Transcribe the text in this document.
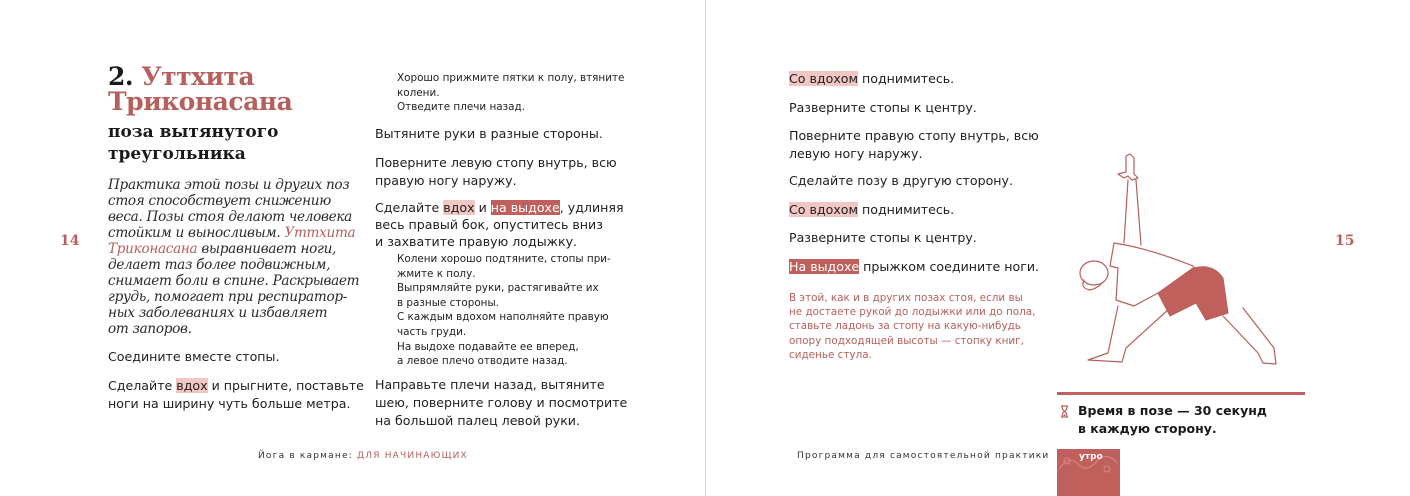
14
2. Уттхита
Триконасана
поза вытянутого
треугольника
Практика этой позы и других поз
стоя способствует снижению
веса. Позы стоя делают человека
стойким и выносливым. Уттхита
Триконасана выравнивает ноги,
делает таз более подвижным,
снимает боли в спине. Раскрывает
грудь, помогает при респиратор-
ных заболеваниях и избавляет
от запоров.
Соедините вместе стопы.
Сделайте вдох и прыгните, поставьте
ноги на ширину чуть больше метра.
Хорошо прижмите пятки к полу, втяните
колени.
Отведите плечи назад.
Вытяните руки в разные стороны.
Поверните левую стопу внутрь, всю
правую ногу наружу.
Сделайте вдох и на выдохе, удлиняя
весь правый бок, опуститесь вниз
и захватите правую лодыжку.
Колени хорошо подтяните, стопы при-
жмите к полу.
Выпрямляйте руки, растягивайте их
в разные стороны.
С каждым вдохом наполняйте правую
часть груди.
На выдохе подавайте ее вперед,
а левое плечо отводите назад.
Направьте плечи назад, вытяните
шею, поверните голову и посмотрите
на большой палец левой руки.
Йога в кармане: ДЛЯ НАЧИНАЮЩИХ
15
Со вдохом поднимитесь.
Разверните стопы к центру.
Поверните правую стопу внутрь, всю
левую ногу наружу.
Сделайте позу в другую сторону.
Со вдохом поднимитесь.
Разверните стопы к центру.
На выдохе прыжком соедините ноги.
В этой, как и в других позах стоя, если вы
не достаете рукой до лодыжки или до пола,
ставьте ладонь за стопу на какую-нибудь
опору подходящей высоты — стопку книг,
сиденье стула.
Время в позе — 30 секунд
в каждую сторону.
Программа для самостоятельной практики	утро
